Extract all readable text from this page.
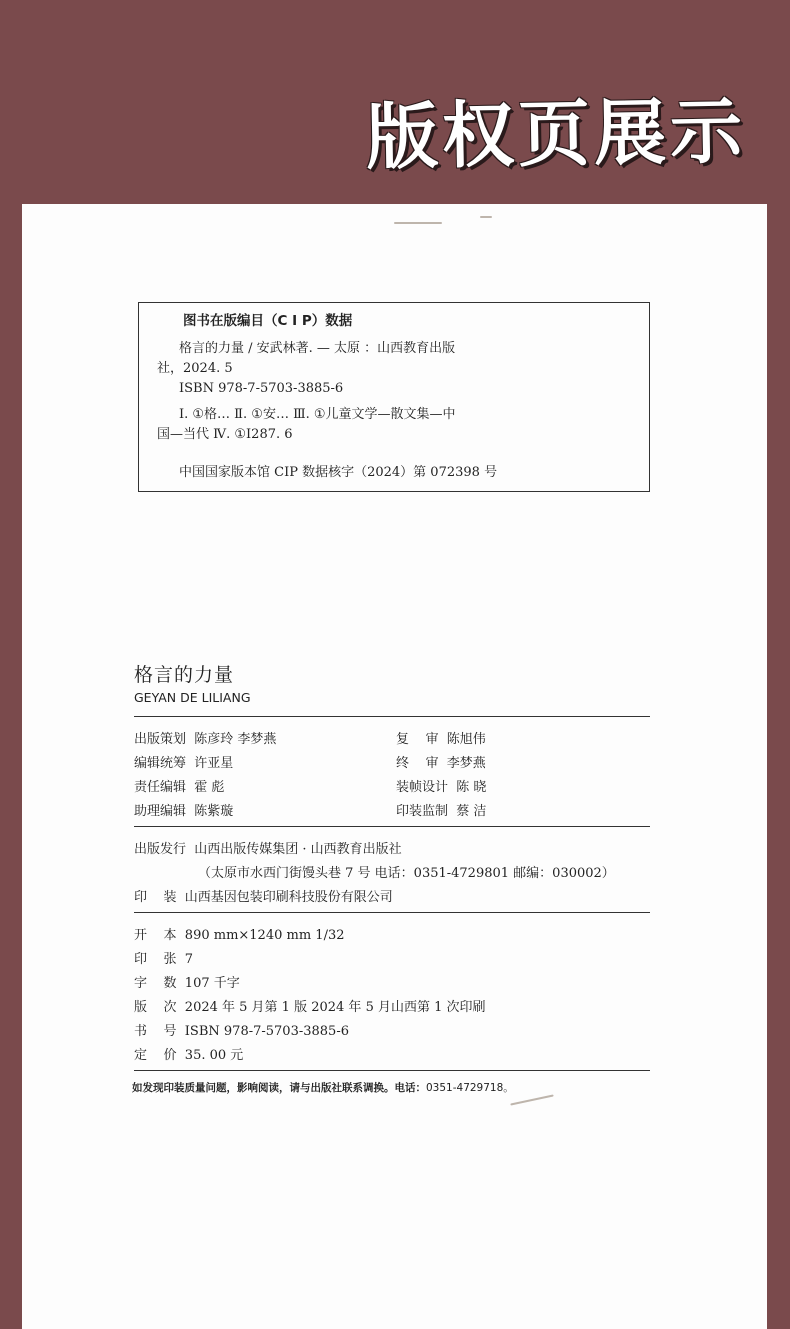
版权页展示
图书在版编目（C I P）数据
格言的力量 / 安武林著. — 太原 ：山西教育出版
社，2024. 5
ISBN 978-7-5703-3885-6
Ⅰ. ①格… Ⅱ. ①安… Ⅲ. ①儿童文学—散文集—中
国—当代 Ⅳ. ①I287. 6
中国国家版本馆 CIP 数据核字（2024）第 072398 号
格言的力量
GEYAN DE LILIANG
出版策划 陈彦玲 李梦燕
编辑统筹 许亚星
责任编辑 霍 彪
助理编辑 陈紫璇
复    审 陈旭伟
终    审 李梦燕
装帧设计 陈 晓
印装监制 蔡 洁
出版发行 山西出版传媒集团 · 山西教育出版社
（太原市水西门街馒头巷 7 号 电话：0351-4729801 邮编：030002）
印    装 山西基因包装印刷科技股份有限公司
开    本 890 mm×1240 mm 1/32
印    张 7
字    数 107 千字
版    次 2024 年 5 月第 1 版 2024 年 5 月山西第 1 次印刷
书    号 ISBN 978-7-5703-3885-6
定    价 35. 00 元
如发现印装质量问题，影响阅读，请与出版社联系调换。电话：0351-4729718。
